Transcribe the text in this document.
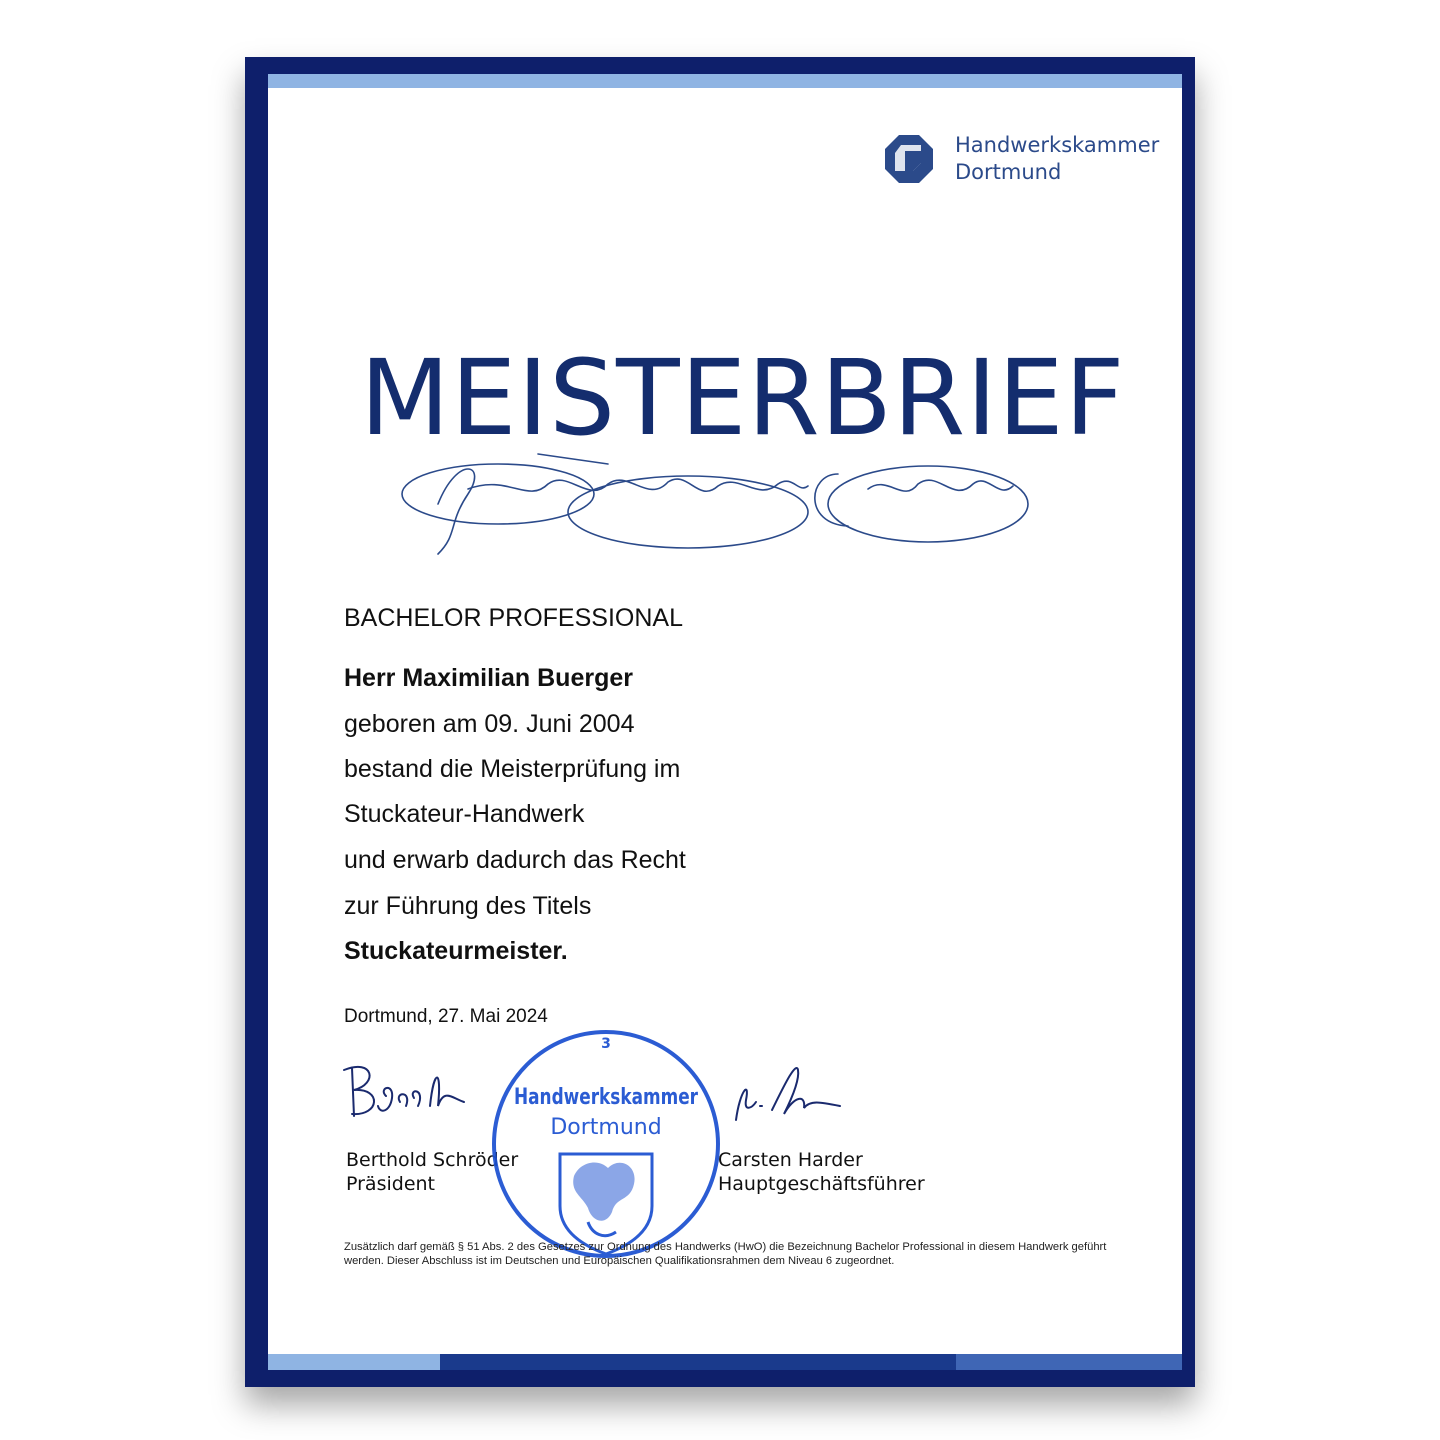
Handwerkskammer
Dortmund
MEISTERBRIEF
BACHELOR PROFESSIONAL
Herr Maximilian Buerger
geboren am 09. Juni 2004
bestand die Meisterprüfung im
Stuckateur-Handwerk
und erwarb dadurch das Recht
zur Führung des Titels
Stuckateurmeister.
Dortmund, 27. Mai 2024
Berthold Schröder
Präsident
Carsten Harder
Hauptgeschäftsführer
3
Handwerkskammer
Dortmund
Zusätzlich darf gemäß § 51 Abs. 2 des Gesetzes zur Ordnung des Handwerks (HwO) die Bezeichnung Bachelor Professional in diesem Handwerk geführt werden. Dieser Abschluss ist im Deutschen und Europäischen Qualifikationsrahmen dem Niveau 6 zugeordnet.
